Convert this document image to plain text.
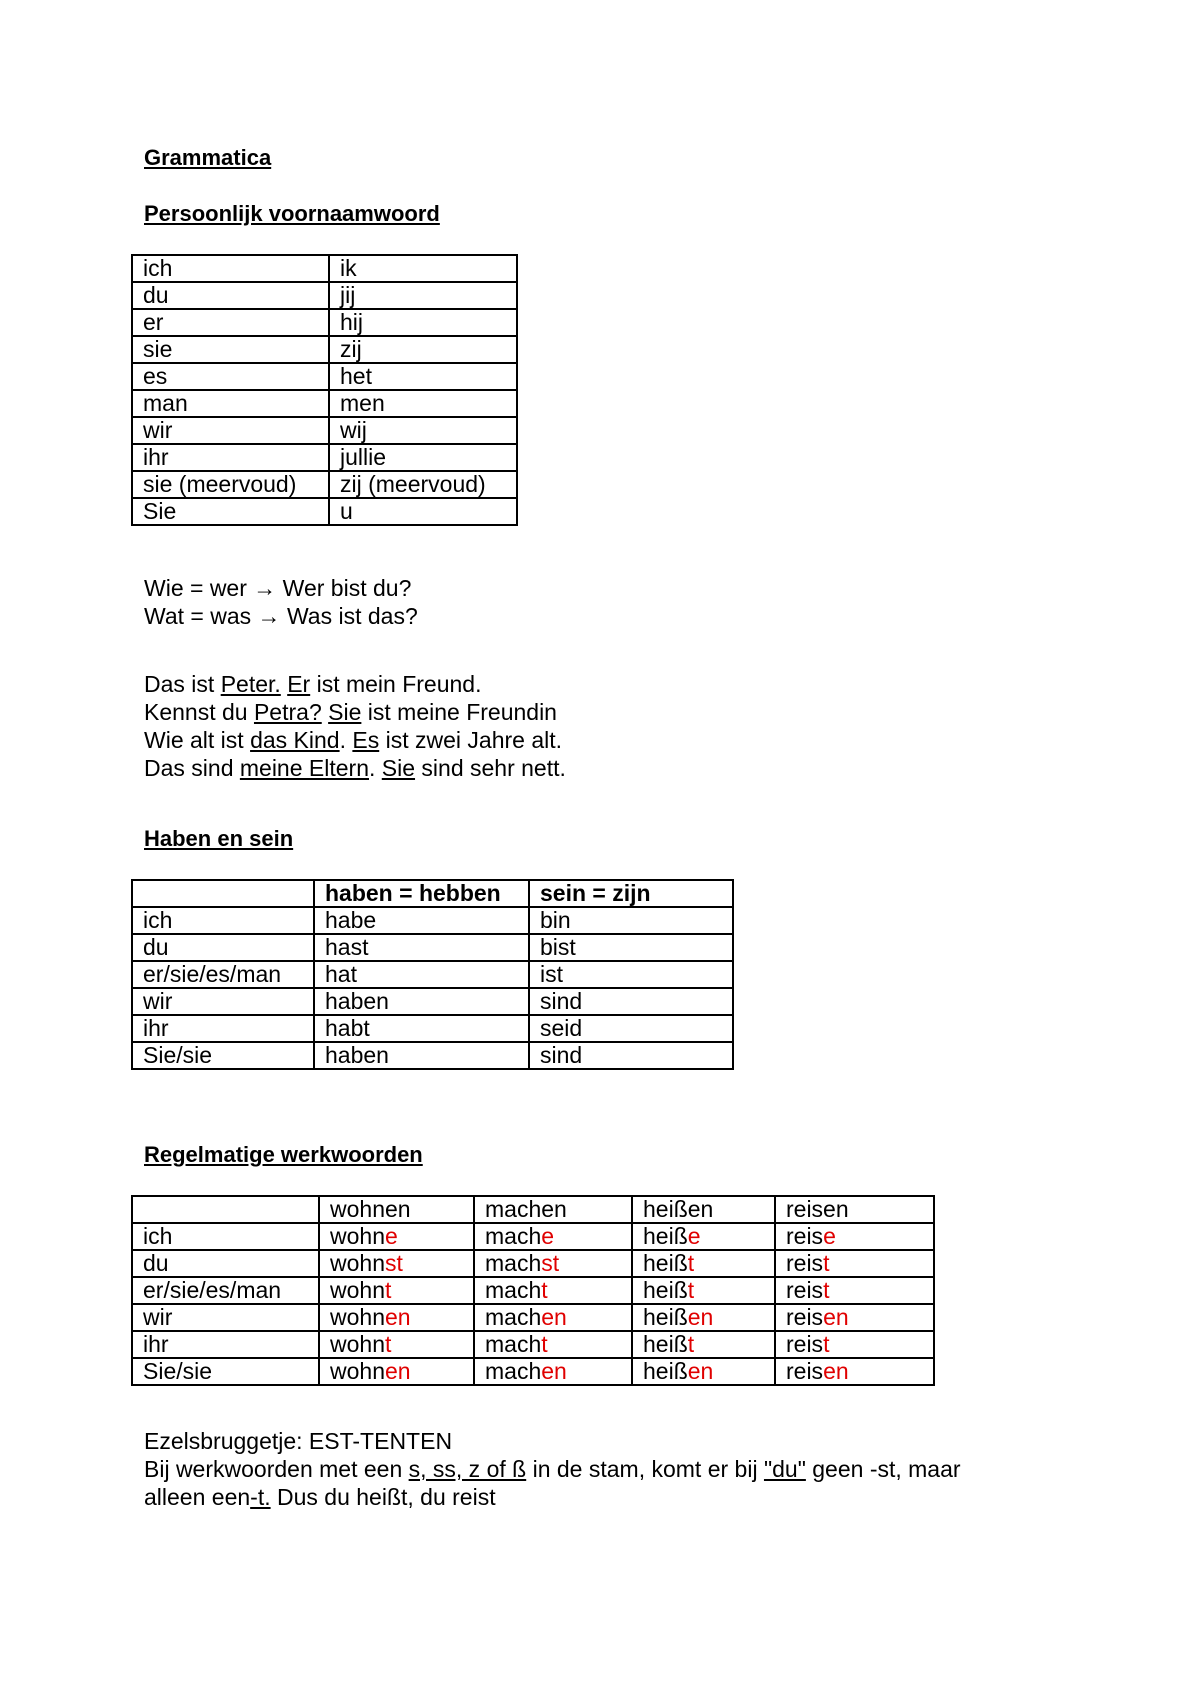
Grammatica
Persoonlijk voornaamwoord
ich	ik
du	jij
er	hij
sie	zij
es	het
man	men
wir	wij
ihr	jullie
sie (meervoud)	zij (meervoud)
Sie	u

Wie = wer → Wer bist du?

Wat = was → Was ist das?

Das ist Peter. Er ist mein Freund.

Kennst du Petra? Sie ist meine Freundin

Wie alt ist das Kind. Es ist zwei Jahre alt.

Das sind meine Eltern. Sie sind sehr nett.

Haben en sein
	haben = hebben	sein = zijn
ich	habe	bin
du	hast	bist
er/sie/es/man	hat	ist
wir	haben	sind
ihr	habt	seid
Sie/sie	haben	sind
Regelmatige werkwoorden
	wohnen	machen	heißen	reisen
ich	wohne	mache	heiße	reise
du	wohnst	machst	heißt	reist
er/sie/es/man	wohnt	macht	heißt	reist
wir	wohnen	machen	heißen	reisen
ihr	wohnt	macht	heißt	reist
Sie/sie	wohnen	machen	heißen	reisen

Ezelsbruggetje: EST-TENTEN

Bij werkwoorden met een s, ss, z of ß in de stam, komt er bij "du" geen -st, maar

alleen een-t. Dus du heißt, du reist
